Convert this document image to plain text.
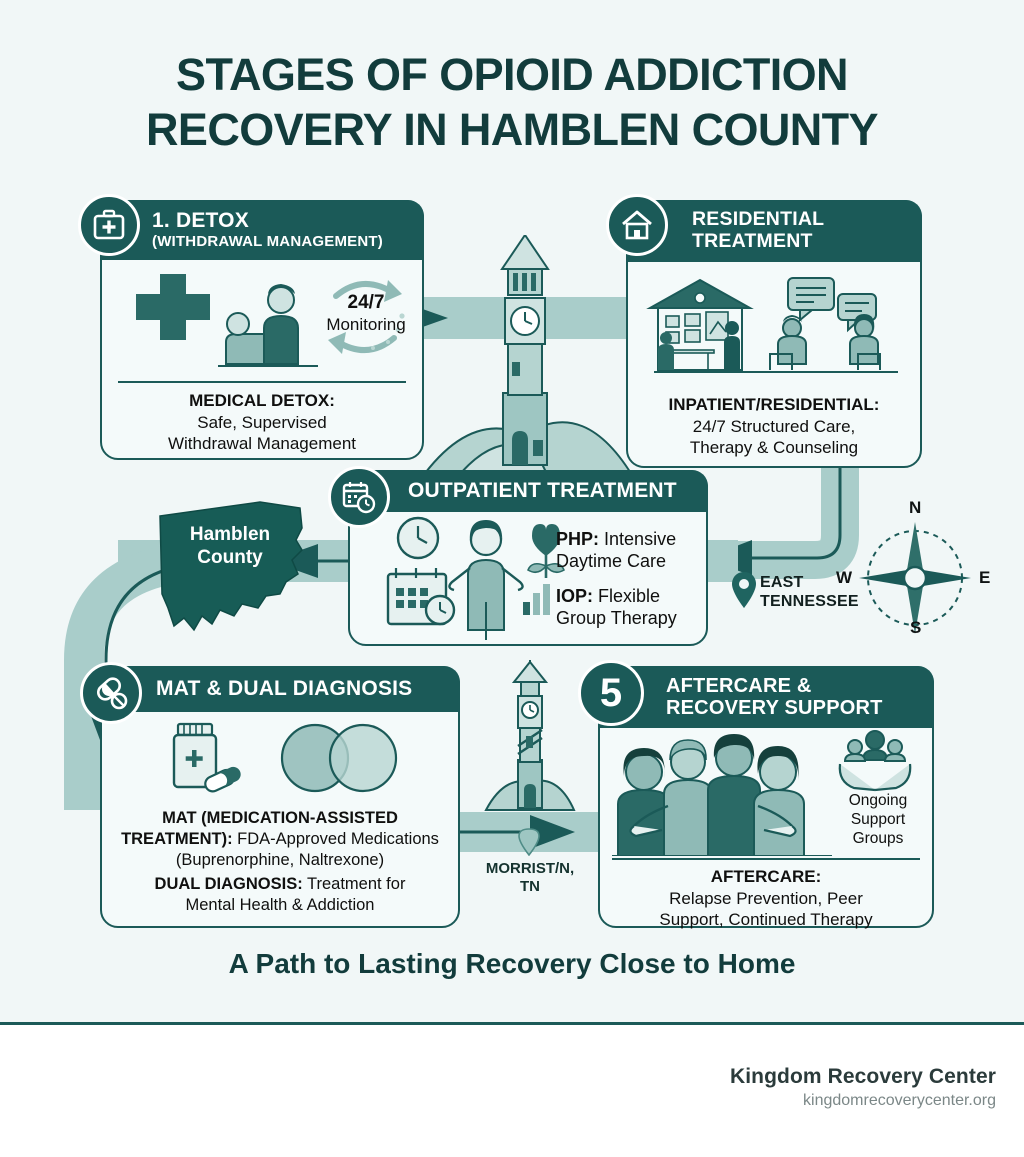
STAGES OF OPIOID ADDICTION
RECOVERY IN HAMBLEN COUNTY
1. DETOX
(WITHDRAWAL MANAGEMENT)
24/7
Monitoring
MEDICAL DETOX:
Safe, Supervised
Withdrawal Management
RESIDENTIAL
TREATMENT
INPATIENT/RESIDENTIAL:
24/7 Structured Care,
Therapy & Counseling
Hamblen
County
OUTPATIENT TREATMENT
PHP: Intensive
Daytime Care
IOP: Flexible
Group Therapy
N
E
S
W
EAST
TENNESSEE
MORRIST/N,
TN
MAT & DUAL DIAGNOSIS
MAT (MEDICATION-ASSISTED
TREATMENT): FDA-Approved Medications
(Buprenorphine, Naltrexone)
DUAL DIAGNOSIS: Treatment for
Mental Health & Addiction
AFTERCARE &
RECOVERY SUPPORT
5
Ongoing
Support
Groups
AFTERCARE:
Relapse Prevention, Peer
Support, Continued Therapy
A Path to Lasting Recovery Close to Home
Kingdom Recovery Center
kingdomrecoverycenter.org
